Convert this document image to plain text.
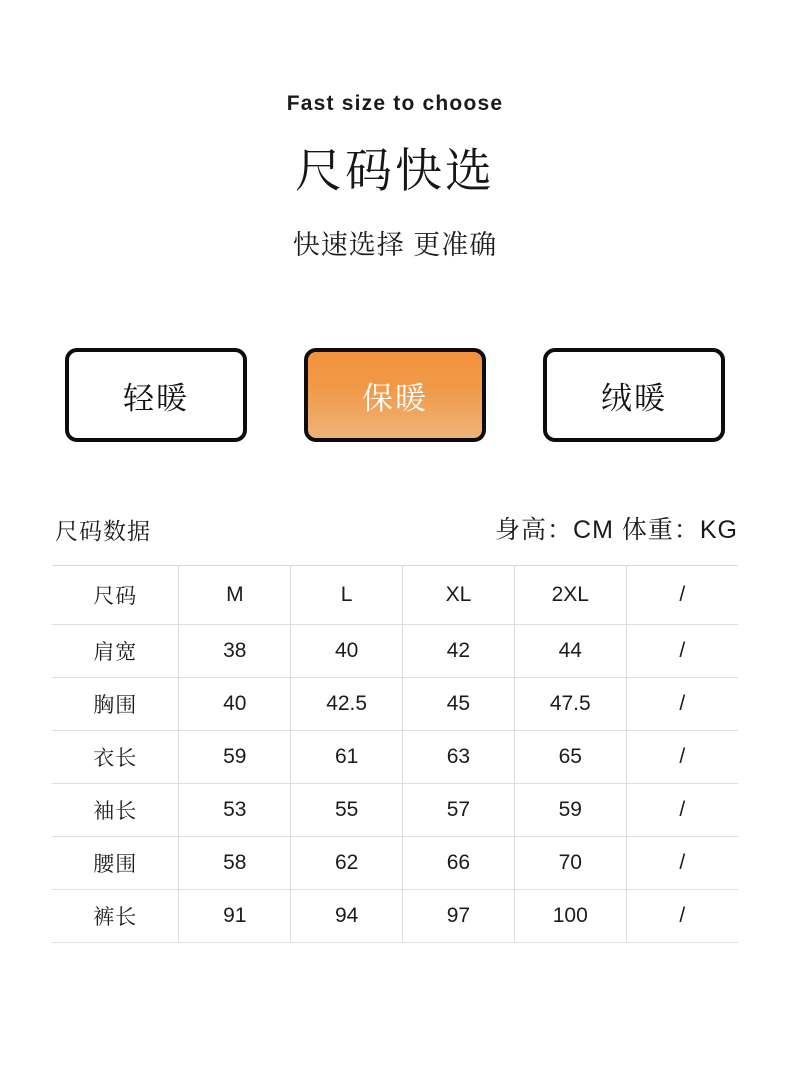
Fast size to choose
尺码快选
快速选择 更准确
轻暖	保暖	绒暖
尺码数据	身高：CM 体重：KG
尺码	M	L	XL	2XL	/
肩宽	38	40	42	44	/
胸围	40	42.5	45	47.5	/
衣长	59	61	63	65	/
袖长	53	55	57	59	/
腰围	58	62	66	70	/
裤长	91	94	97	100	/
